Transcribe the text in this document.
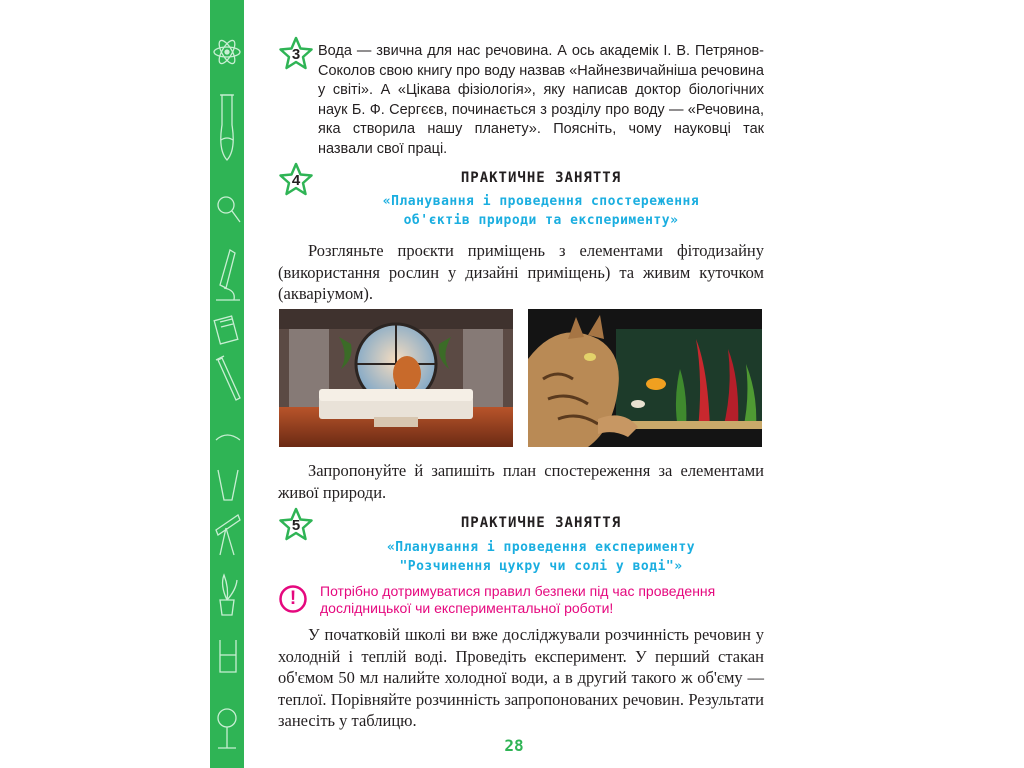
3	Вода — звична для нас речовина. А ось академік І. В. Петрянов-Соколов свою книгу про воду назвав «Найнезвичайніша речовина у світі». А «Цікава фізіологія», яку написав доктор біологічних наук Б. Ф. Сергєєв, починається з розділу про воду — «Речовина, яка створила нашу планету». Поясніть, чому науковці так назвали свої праці.
4	ПРАКТИЧНЕ ЗАНЯТТЯ
«Планування і проведення спостереження
об'єктів природи та експерименту»
Розгляньте проєкти приміщень з елементами фітодизайну (використання рослин у дизайні приміщень) та живим куточком (акваріумом).
Запропонуйте й запишіть план спостереження за елементами живої природи.
5	ПРАКТИЧНЕ ЗАНЯТТЯ
«Планування і проведення експерименту
"Розчинення цукру чи солі у воді"»
!	Потрібно дотримуватися правил безпеки під час проведення дослідницької чи експериментальної роботи!
У початковій школі ви вже досліджували розчинність речовин у холодній і теплій воді. Проведіть експеримент. У перший стакан об'ємом 50 мл налийте холодної води, а в другий такого ж об'єму — теплої. Порівняйте розчинність запропонованих речовин. Результати занесіть у таблицю.
28
